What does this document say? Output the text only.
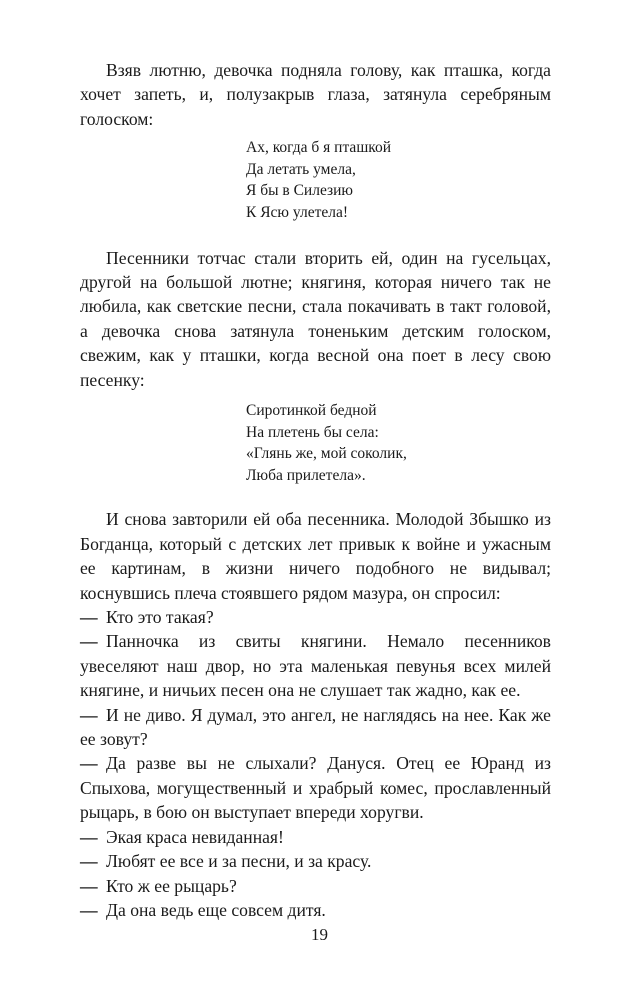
Взяв лютню, девочка подняла голову, как пташка, когда хочет запеть, и, полузакрыв глаза, затянула серебряным голоском:

Ах, когда б я пташкой
Да летать умела,
Я бы в Силезию
К Ясю улетела!

Песенники тотчас стали вторить ей, один на гусельцах, другой на большой лютне; княгиня, которая ничего так не любила, как светские песни, стала покачивать в такт головой, а девочка снова затянула тоненьким детским голоском, свежим, как у пташки, когда весной она поет в лесу свою песенку:

Сиротинкой бедной
На плетень бы села:
«Глянь же, мой соколик,
Люба прилетела».

И снова завторили ей оба песенника. Молодой Збышко из Богданца, который с детских лет привык к войне и ужасным ее картинам, в жизни ничего подобного не видывал; коснувшись плеча стоявшего рядом мазура, он спросил:

— Кто это такая?

— Панночка из свиты княгини. Немало песенников увеселяют наш двор, но эта маленькая певунья всех милей княгине, и ничьих песен она не слушает так жадно, как ее.

— И не диво. Я думал, это ангел, не наглядясь на нее. Как же ее зовут?

— Да разве вы не слыхали? Дануся. Отец ее Юранд из Спыхова, могущественный и храбрый комес, прославленный рыцарь, в бою он выступает впереди хоругви.

— Экая краса невиданная!

— Любят ее все и за песни, и за красу.

— Кто ж ее рыцарь?

— Да она ведь еще совсем дитя.

19
